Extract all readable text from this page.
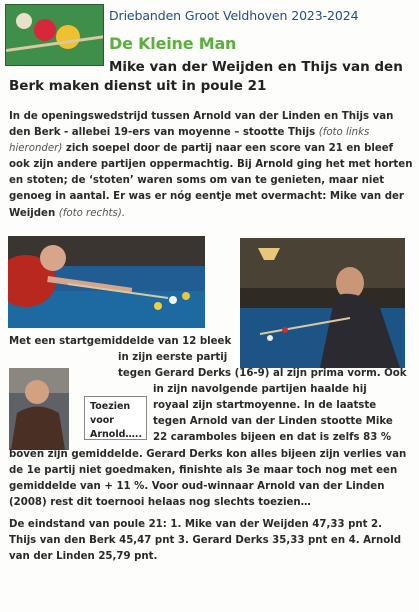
Driebanden Groot Veldhoven 2023-2024
De Kleine Man
Mike van der Weijden en Thijs van den
Berk maken dienst uit in poule 21
In de openingswedstrijd tussen Arnold van der Linden en Thijs van den Berk - allebei 19-ers van moyenne – stootte Thijs (foto links hieronder) zich soepel door de partij naar een score van 21 en bleef ook zijn andere partijen oppermachtig. Bij Arnold ging het met horten en stoten; de ‘stoten’ waren soms om van te genieten, maar niet genoeg in aantal. Er was er nóg eentje met overmacht: Mike van der Weijden (foto rechts).
Toezien
voor
Arnold…..
Met een startgemiddelde van 12 bleek
in zijn eerste partij
tegen Gerard Derks (16-9) al zijn prima vorm. Ook
in zijn navolgende partijen haalde hij
royaal zijn startmoyenne. In de laatste
tegen Arnold van der Linden stootte Mike
22 caramboles bijeen en dat is zelfs 83 %
boven zijn gemiddelde. Gerard Derks kon alles bijeen zijn verlies van
de 1e partij niet goedmaken, finishte als 3e maar toch nog met een
gemiddelde van + 11 %. Voor oud-winnaar Arnold van der Linden
(2008) rest dit toernooi helaas nog slechts toezien…
De eindstand van poule 21: 1. Mike van der Weijden 47,33 pnt 2.
Thijs van den Berk 45,47 pnt 3. Gerard Derks 35,33 pnt en 4. Arnold
van der Linden 25,79 pnt.
